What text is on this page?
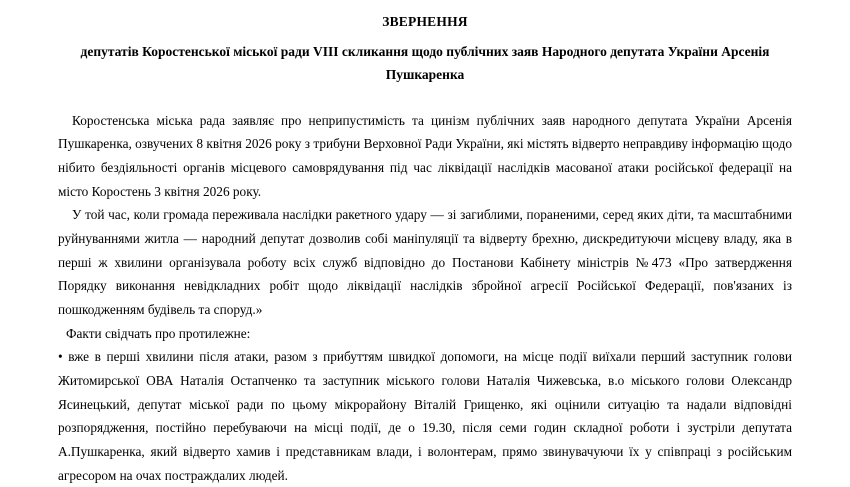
ЗВЕРНЕННЯ
депутатів Коростенської міської ради VIII скликання щодо публічних заяв Народного депутата України Арсенія Пушкаренка

Коростенська міська рада заявляє про неприпустимість та цинізм публічних заяв народного депутата України Арсенія Пушкаренка, озвучених 8 квітня 2026 року з трибуни Верховної Ради України, які містять відверто неправдиву інформацію щодо нібито бездіяльності органів місцевого самоврядування під час ліквідації наслідків масованої атаки російської федерації на місто Коростень 3 квітня 2026 року.

У той час, коли громада переживала наслідки ракетного удару — зі загиблими, пораненими, серед яких діти, та масштабними руйнуваннями житла — народний депутат дозволив собі маніпуляції та відверту брехню, дискредитуючи місцеву владу, яка в перші ж хвилини організувала роботу всіх служб відповідно до Постанови Кабінету міністрів №473 «Про затвердження Порядку виконання невідкладних робіт щодо ліквідації наслідків збройної агресії Російської Федерації, пов'язаних із пошкодженням будівель та споруд.»

Факти свідчать про протилежне:

• вже в перші хвилини після атаки, разом з прибуттям швидкої допомоги, на місце події виїхали перший заступник голови Житомирської ОВА Наталія Остапченко та заступник міського голови Наталія Чижевська, в.о міського голови Олександр Ясинецький, депутат міської ради по цьому мікрорайону Віталій Грищенко, які оцінили ситуацію та надали відповідні розпорядження, постійно перебуваючи на місці події, де о 19.30, після семи годин складної роботи і зустріли депутата А.Пушкаренка, який відверто хамив і представникам влади, і волонтерам, прямо звинувачуючи їх у співпраці з російським агресором на очах постраждалих людей.
